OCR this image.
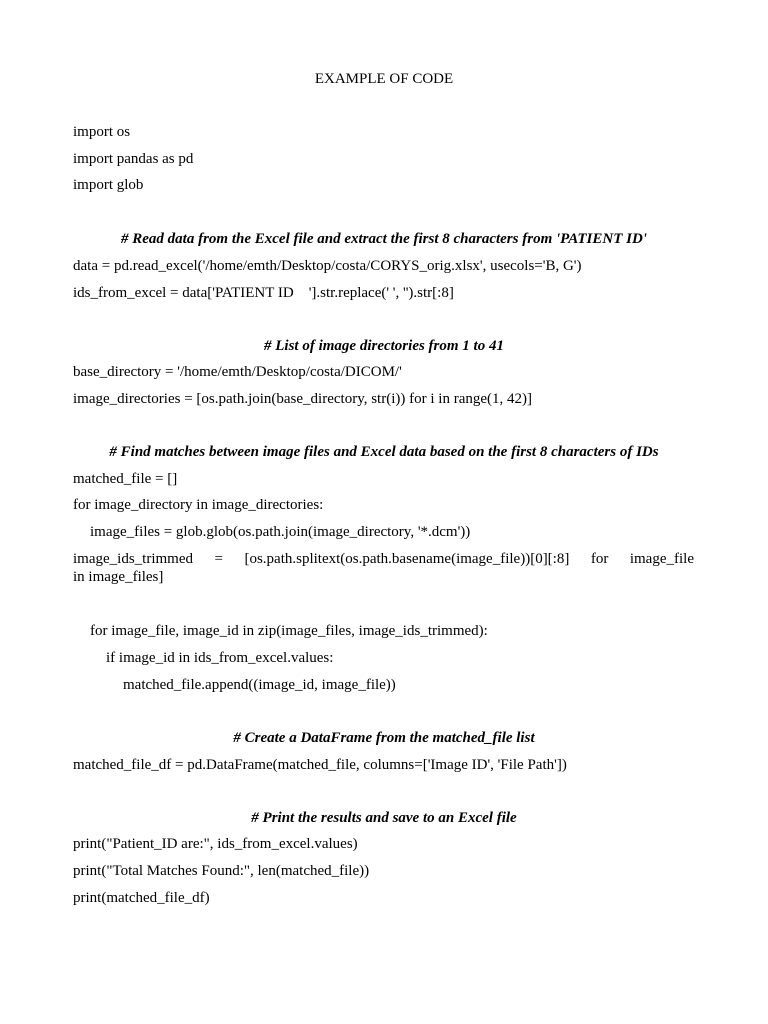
EXAMPLE OF CODE
import os
import pandas as pd
import glob
# Read data from the Excel file and extract the first 8 characters from 'PATIENT ID'
data = pd.read_excel('/home/emth/Desktop/costa/CORYS_orig.xlsx', usecols='B, G')
ids_from_excel = data['PATIENT ID    '].str.replace(' ', '').str[:8]
# List of image directories from 1 to 41
base_directory = '/home/emth/Desktop/costa/DICOM/'
image_directories = [os.path.join(base_directory, str(i)) for i in range(1, 42)]
# Find matches between image files and Excel data based on the first 8 characters of IDs
matched_file = []
for image_directory in image_directories:
image_files = glob.glob(os.path.join(image_directory, '*.dcm'))
image_ids_trimmed = [os.path.splitext(os.path.basename(image_file))[0][:8] for image_file
in image_files]
for image_file, image_id in zip(image_files, image_ids_trimmed):
if image_id in ids_from_excel.values:
matched_file.append((image_id, image_file))
# Create a DataFrame from the matched_file list
matched_file_df = pd.DataFrame(matched_file, columns=['Image ID', 'File Path'])
# Print the results and save to an Excel file
print("Patient_ID are:", ids_from_excel.values)
print("Total Matches Found:", len(matched_file))
print(matched_file_df)
